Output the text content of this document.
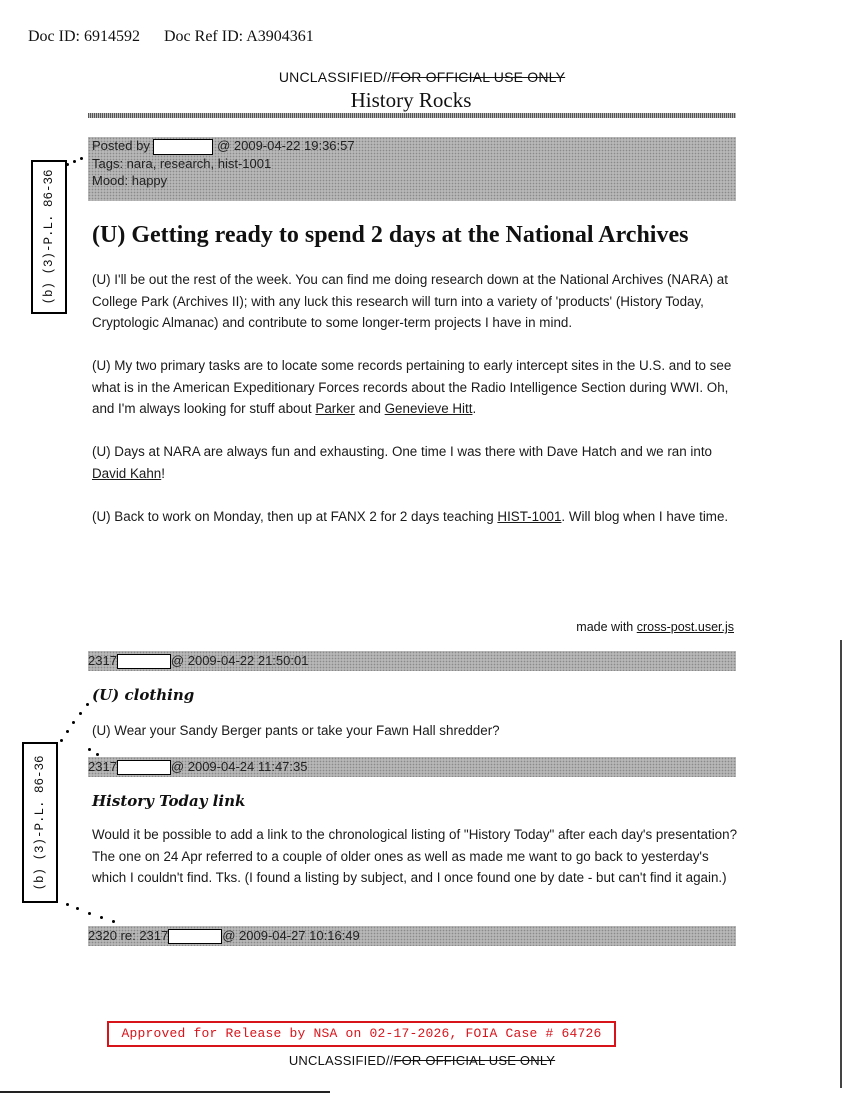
Doc ID: 6914592 Doc Ref ID: A3904361
UNCLASSIFIED//FOR OFFICIAL USE ONLY
History Rocks
(b) (3)-P.L. 86-36
Posted by	@ 2009-04-22 19:36:57
Tags: nara, research, hist-1001
Mood: happy
(U) Getting ready to spend 2 days at the National Archives
(U) I'll be out the rest of the week. You can find me doing research down at the National Archives (NARA) at College Park (Archives II); with any luck this research will turn into a variety of 'products' (History Today, Cryptologic Almanac) and contribute to some longer-term projects I have in mind.
(U) My two primary tasks are to locate some records pertaining to early intercept sites in the U.S. and to see what is in the American Expeditionary Forces records about the Radio Intelligence Section during WWI. Oh, and I'm always looking for stuff about Parker and Genevieve Hitt.
(U) Days at NARA are always fun and exhausting. One time I was there with Dave Hatch and we ran into David Kahn!
(U) Back to work on Monday, then up at FANX 2 for 2 days teaching HIST-1001. Will blog when I have time.
made with cross-post.user.js
2317	@ 2009-04-22 21:50:01
(U) clothing
(U) Wear your Sandy Berger pants or take your Fawn Hall shredder?
(b) (3)-P.L. 86-36	2317	@ 2009-04-24 11:47:35
History Today link
Would it be possible to add a link to the chronological listing of "History Today" after each day's presentation? The one on 24 Apr referred to a couple of older ones as well as made me want to go back to yesterday's which I couldn't find. Tks. (I found a listing by subject, and I once found one by date - but can't find it again.)
2320 re: 2317	@ 2009-04-27 10:16:49
Approved for Release by NSA on 02-17-2026, FOIA Case # 64726
UNCLASSIFIED//FOR OFFICIAL USE ONLY
